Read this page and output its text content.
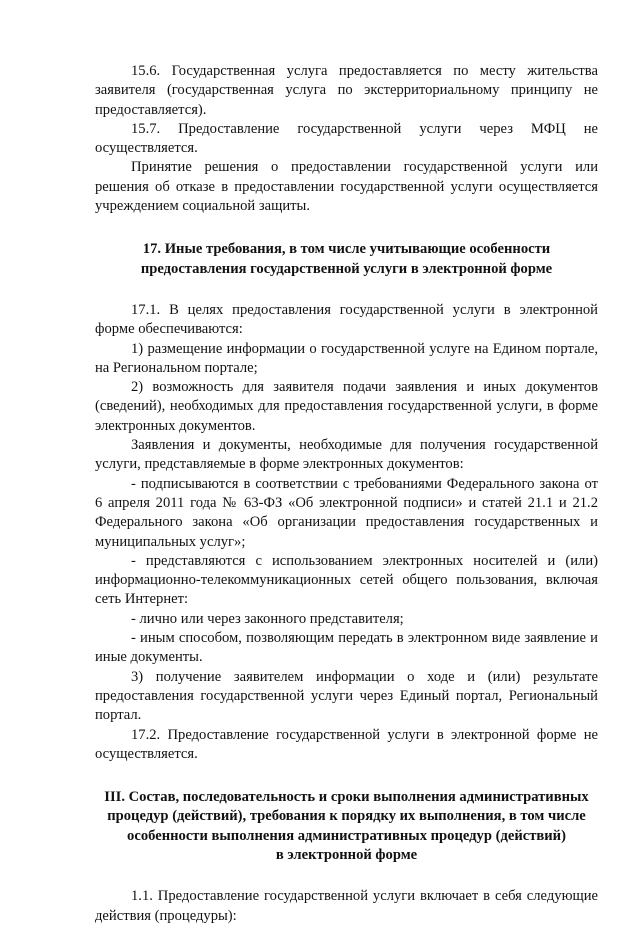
15.6. Государственная услуга предоставляется по месту жительства заявителя (государственная услуга по экстерриториальному принципу не предоставляется).

15.7. Предоставление государственной услуги через МФЦ не осуществляется.

Принятие решения о предоставлении государственной услуги или решения об отказе в предоставлении государственной услуги осуществляется учреждением социальной защиты.

17. Иные требования, в том числе учитывающие особенности
предоставления государственной услуги в электронной форме

17.1. В целях предоставления государственной услуги в электронной форме обеспечиваются:

1) размещение информации о государственной услуге на Едином портале, на Региональном портале;

2) возможность для заявителя подачи заявления и иных документов (сведений), необходимых для предоставления государственной услуги, в форме электронных документов.

Заявления и документы, необходимые для получения государственной услуги, представляемые в форме электронных документов:

- подписываются в соответствии с требованиями Федерального закона от 6 апреля 2011 года № 63-ФЗ «Об электронной подписи» и статей 21.1 и 21.2 Федерального закона «Об организации предоставления государственных и муниципальных услуг»;

- представляются с использованием электронных носителей и (или) информационно-телекоммуникационных сетей общего пользования, включая сеть Интернет:

- лично или через законного представителя;

- иным способом, позволяющим передать в электронном виде заявление и иные документы.

3) получение заявителем информации о ходе и (или) результате предоставления государственной услуги через Единый портал, Региональный портал.

17.2. Предоставление государственной услуги в электронной форме не осуществляется.

III. Состав, последовательность и сроки выполнения административных
процедур (действий), требования к порядку их выполнения, в том числе
особенности выполнения административных процедур (действий)
в электронной форме

1.1. Предоставление государственной услуги включает в себя следующие действия (процедуры):
